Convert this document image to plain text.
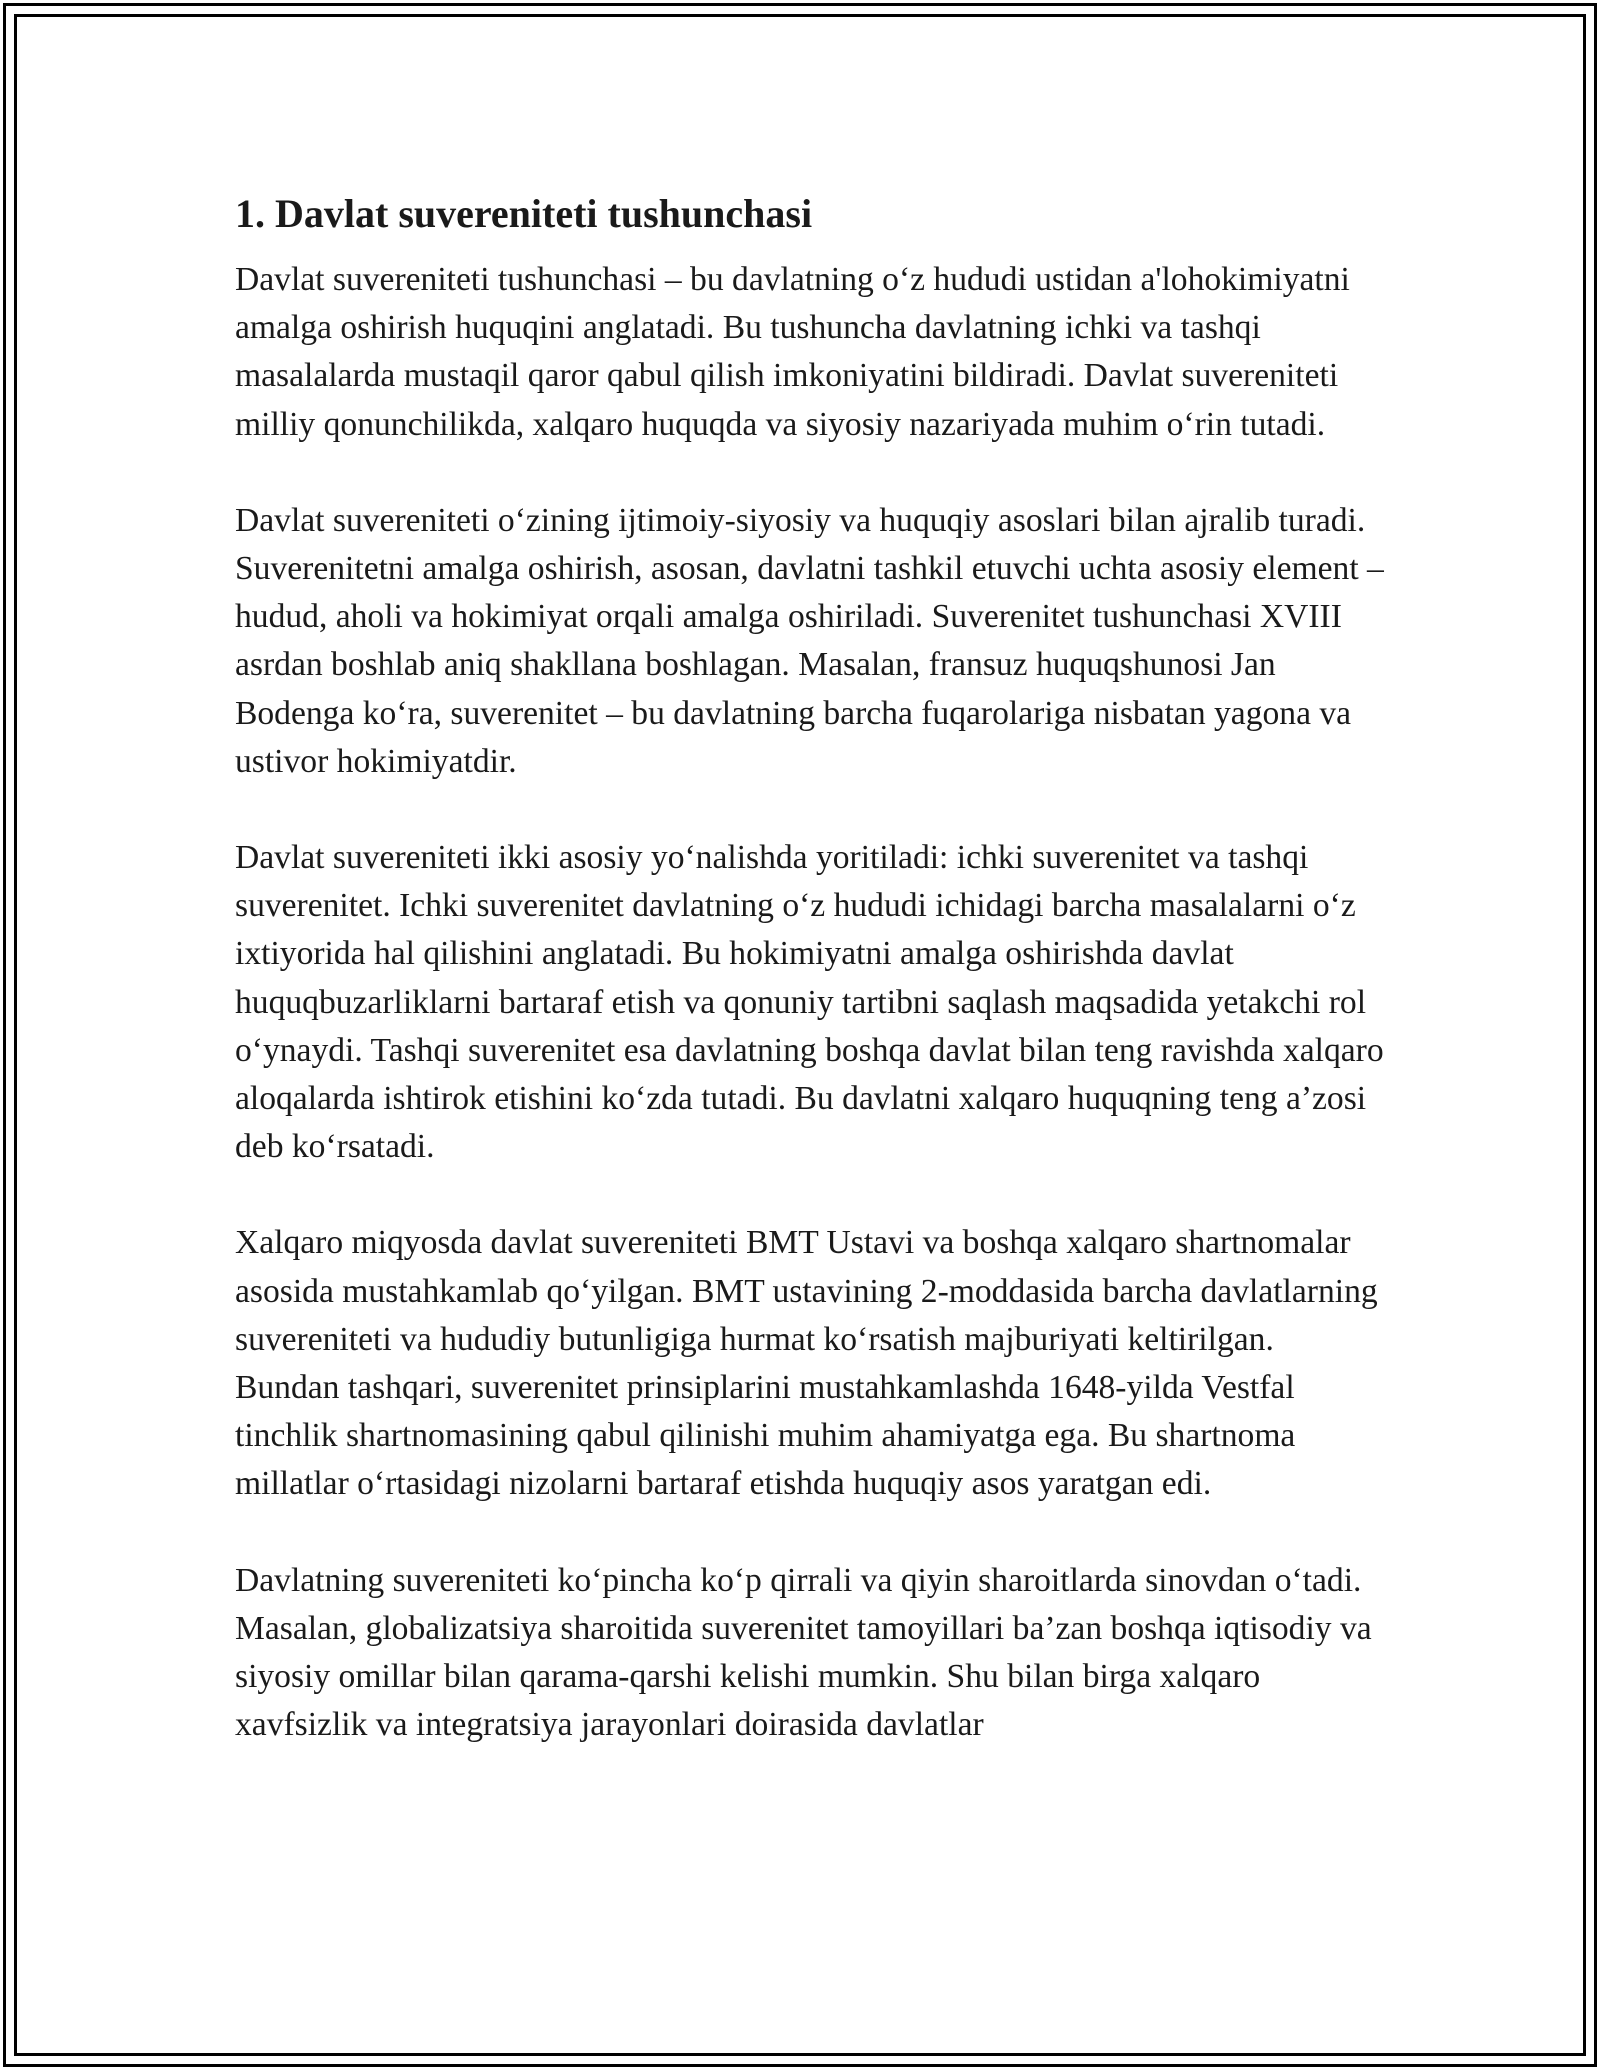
1. Davlat suvereniteti tushunchasi

Davlat suvereniteti tushunchasi – bu davlatning o‘z hududi ustidan a'lohokimiyatni amalga oshirish huquqini anglatadi. Bu tushuncha davlatning ichki va tashqi masalalarda mustaqil qaror qabul qilish imkoniyatini bildiradi. Davlat suvereniteti milliy qonunchilikda, xalqaro huquqda va siyosiy nazariyada muhim o‘rin tutadi.

Davlat suvereniteti o‘zining ijtimoiy-siyosiy va huquqiy asoslari bilan ajralib turadi. Suverenitetni amalga oshirish, asosan, davlatni tashkil etuvchi uchta asosiy element – hudud, aholi va hokimiyat orqali amalga oshiriladi. Suverenitet tushunchasi XVIII asrdan boshlab aniq shakllana boshlagan. Masalan, fransuz huquqshunosi Jan Bodenga ko‘ra, suverenitet – bu davlatning barcha fuqarolariga nisbatan yagona va ustivor hokimiyatdir.

Davlat suvereniteti ikki asosiy yo‘nalishda yoritiladi: ichki suverenitet va tashqi suverenitet. Ichki suverenitet davlatning o‘z hududi ichidagi barcha masalalarni o‘z ixtiyorida hal qilishini anglatadi. Bu hokimiyatni amalga oshirishda davlat huquqbuzarliklarni bartaraf etish va qonuniy tartibni saqlash maqsadida yetakchi rol o‘ynaydi. Tashqi suverenitet esa davlatning boshqa davlat bilan teng ravishda xalqaro aloqalarda ishtirok etishini ko‘zda tutadi. Bu davlatni xalqaro huquqning teng a’zosi deb ko‘rsatadi.

Xalqaro miqyosda davlat suvereniteti BMT Ustavi va boshqa xalqaro shartnomalar asosida mustahkamlab qo‘yilgan. BMT ustavining 2-moddasida barcha davlatlarning suvereniteti va hududiy butunligiga hurmat ko‘rsatish majburiyati keltirilgan. Bundan tashqari, suverenitet prinsiplarini mustahkamlashda 1648-yilda Vestfal tinchlik shartnomasining qabul qilinishi muhim ahamiyatga ega. Bu shartnoma millatlar o‘rtasidagi nizolarni bartaraf etishda huquqiy asos yaratgan edi.

Davlatning suvereniteti ko‘pincha ko‘p qirrali va qiyin sharoitlarda sinovdan o‘tadi. Masalan, globalizatsiya sharoitida suverenitet tamoyillari ba’zan boshqa iqtisodiy va siyosiy omillar bilan qarama-qarshi kelishi mumkin. Shu bilan birga xalqaro xavfsizlik va integratsiya jarayonlari doirasida davlatlar
